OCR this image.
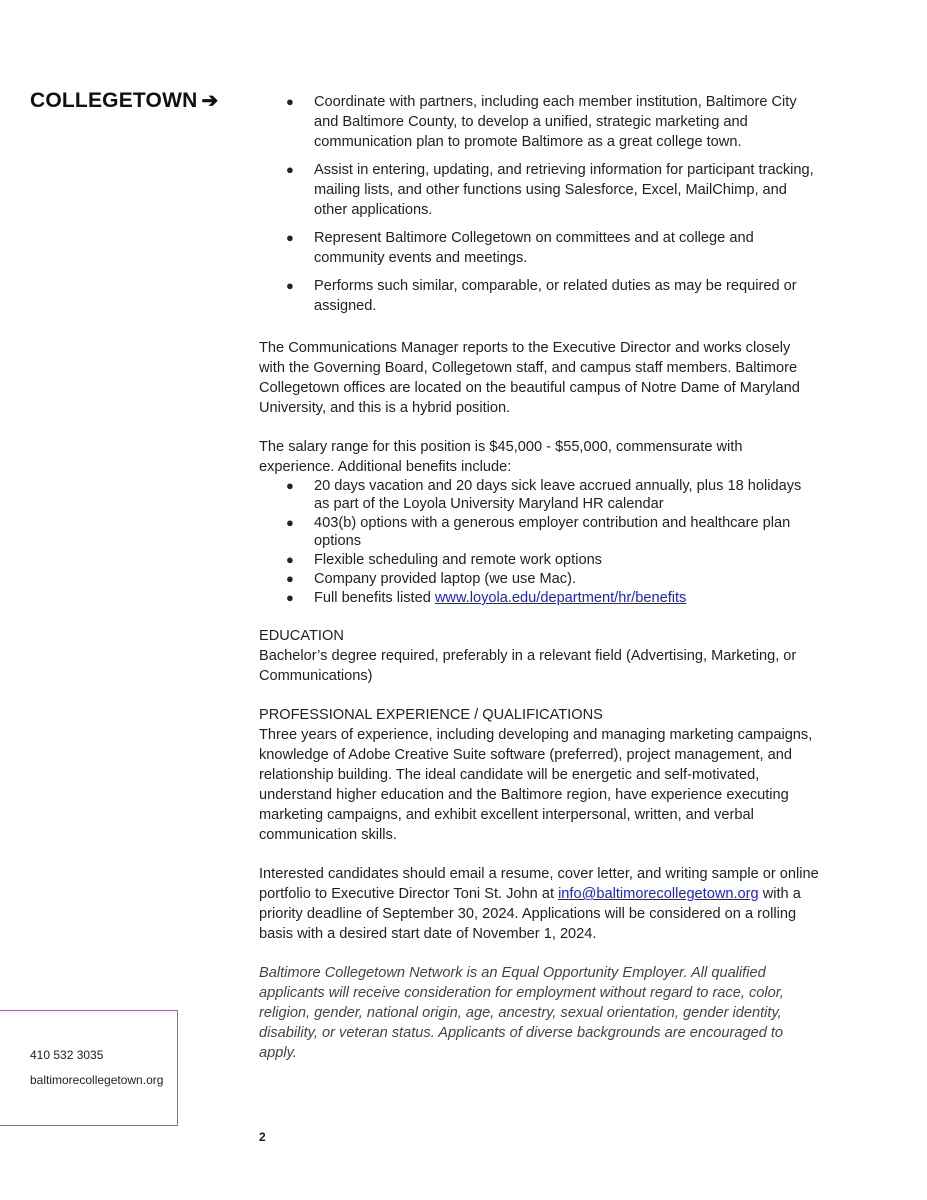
COLLEGETOWN ➔	● Coordinate with partners, including each member institution, Baltimore City and Baltimore County, to develop a unified, strategic marketing and communication plan to promote Baltimore as a great college town.
● Assist in entering, updating, and retrieving information for participant tracking, mailing lists, and other functions using Salesforce, Excel, MailChimp, and other applications.
● Represent Baltimore Collegetown on committees and at college and community events and meetings.
● Performs such similar, comparable, or related duties as may be required or assigned.

The Communications Manager reports to the Executive Director and works closely with the Governing Board, Collegetown staff, and campus staff members. Baltimore Collegetown offices are located on the beautiful campus of Notre Dame of Maryland University, and this is a hybrid position.

The salary range for this position is $45,000 - $55,000, commensurate with experience. Additional benefits include:

● 20 days vacation and 20 days sick leave accrued annually, plus 18 holidays as part of the Loyola University Maryland HR calendar
● 403(b) options with a generous employer contribution and healthcare plan options
● Flexible scheduling and remote work options
● Company provided laptop (we use Mac).
● Full benefits listed www.loyola.edu/department/hr/benefits

EDUCATION

Bachelor’s degree required, preferably in a relevant field (Advertising, Marketing, or Communications)

PROFESSIONAL EXPERIENCE / QUALIFICATIONS

Three years of experience, including developing and managing marketing campaigns, knowledge of Adobe Creative Suite software (preferred), project management, and relationship building. The ideal candidate will be energetic and self-motivated, understand higher education and the Baltimore region, have experience executing marketing campaigns, and exhibit excellent interpersonal, written, and verbal communication skills.

Interested candidates should email a resume, cover letter, and writing sample or online portfolio to Executive Director Toni St. John at info@baltimorecollegetown.org with a priority deadline of September 30, 2024. Applications will be considered on a rolling basis with a desired start date of November 1, 2024.

Baltimore Collegetown Network is an Equal Opportunity Employer. All qualified applicants will receive consideration for employment without regard to race, color, religion, gender, national origin, age, ancestry, sexual orientation, gender identity, disability, or veteran status. Applicants of diverse backgrounds are encouraged to apply.

410 532 3035
baltimorecollegetown.org
2
